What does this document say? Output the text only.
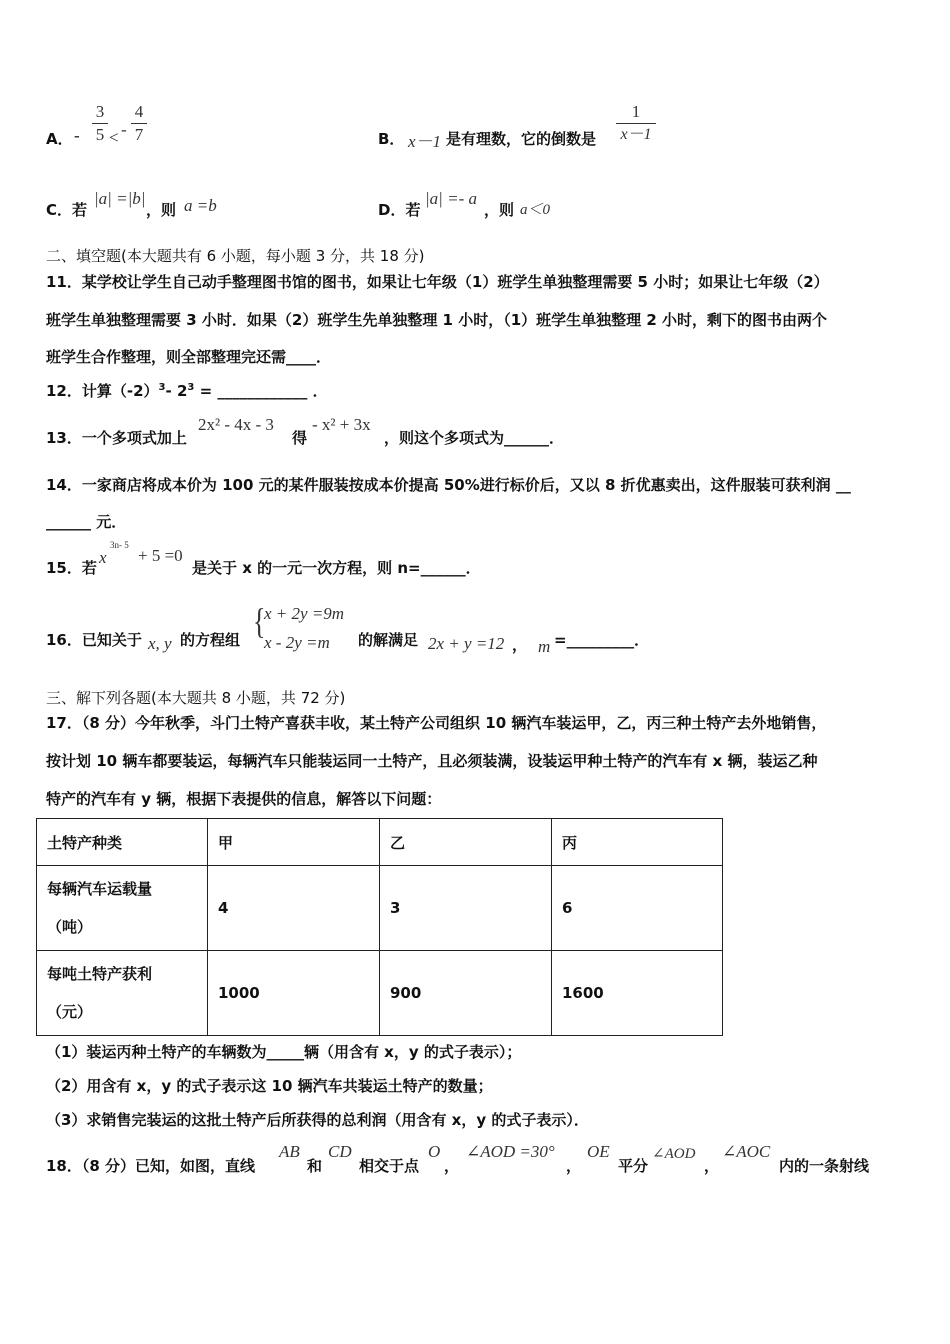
A． -
3
5 < -
4
7	B． x－1 是有理数，它的倒数是
1
x－1
C．若
|a| =|b|
，则 a =b	D．若
|a| =- a
，则 a＜0
二、填空题(本大题共有 6 小题，每小题 3 分，共 18 分)
11．某学校让学生自己动手整理图书馆的图书，如果让七年级（1）班学生单独整理需要 5 小时；如果让七年级（2）
班学生单独整理需要 3 小时．如果（2）班学生先单独整理 1 小时，（1）班学生单独整理 2 小时，剩下的图书由两个
班学生合作整理，则全部整理完还需____．
12．计算$(-2)^3-$ $2^3$ = ____________ ．
13．一个多项式加上
2x² - 4x - 3
得
- x² + 3x
，则这个多项式为______．
14．一家商店将成本价为 100 元的某件服装按成本价提高 50%进行标价后，又以 8 折优惠卖出，这件服装可获利润 __
______ 元．
15．若
x
3n- 5
+ 5 =0
是关于 x 的一元一次方程，则 n=______．
16．已知关于 x, y 的方程组 {
x + 2y =9m
x - 2y =m 的解满足 2x + y =12 ， m =_________．
三、解下列各题(本大题共 8 小题，共 72 分)
17．（8 分）今年秋季，斗门土特产喜获丰收，某土特产公司组织 10 辆汽车装运甲，乙，丙三种土特产去外地销售，
按计划 10 辆车都要装运，每辆汽车只能装运同一土特产，且必须装满，设装运甲种土特产的汽车有 x 辆，装运乙种
特产的汽车有 y 辆，根据下表提供的信息，解答以下问题：
土特产种类	甲	乙	丙
每辆汽车运载量
（吨）	4	3	6
每吨土特产获利
（元）	1000	900	1600
（1）装运丙种土特产的车辆数为_____辆（用含有 x，y 的式子表示）；
（2）用含有 x，y 的式子表示这 10 辆汽车共装运土特产的数量；
（3）求销售完装运的这批土特产后所获得的总利润（用含有 x，y 的式子表示）．
18．（8 分）已知，如图，直线
AB
和
CD
相交于点
O
，
∠AOD =30°
，
OE
平分
∠AOD
，
∠AOC
内的一条射线
